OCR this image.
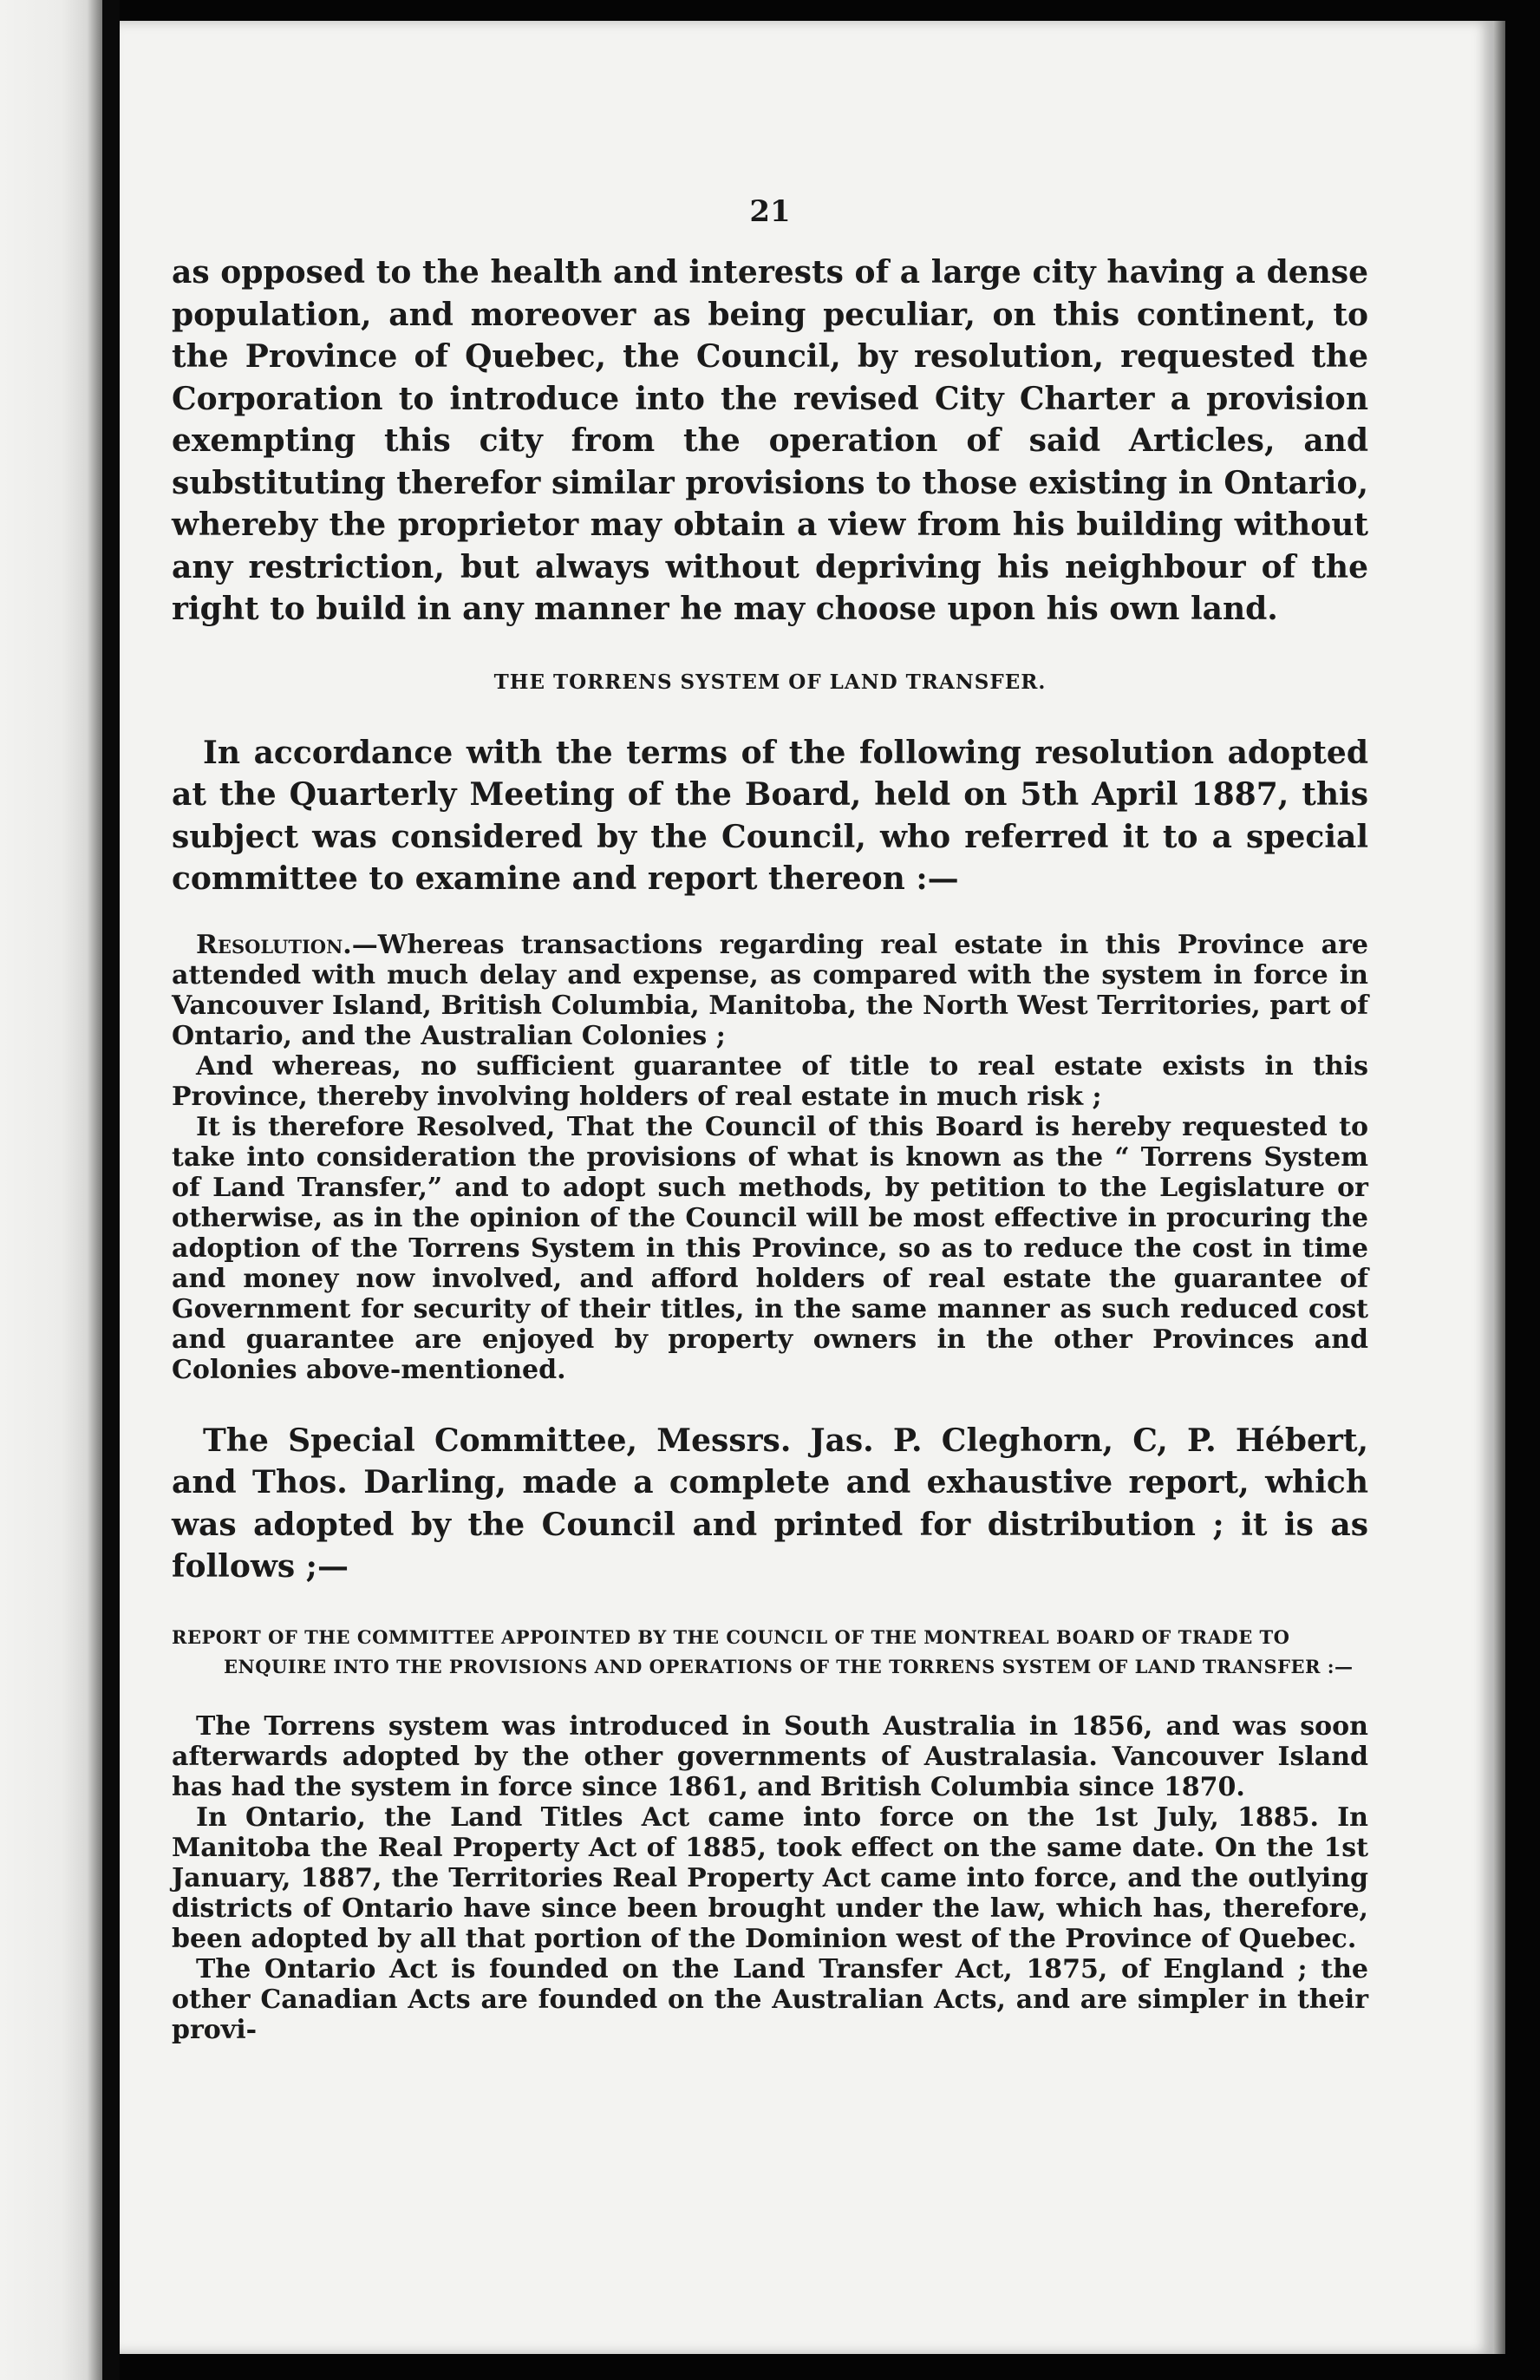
21

as opposed to the health and interests of a large city having a dense population, and moreover as being peculiar, on this continent, to the Province of Quebec, the Council, by resolution, requested the Corporation to introduce into the revised City Charter a provision exempting this city from the operation of said Articles, and substituting therefor similar provisions to those existing in Ontario, whereby the proprietor may obtain a view from his building without any restriction, but always without depriving his neighbour of the right to build in any manner he may choose upon his own land.

THE TORRENS SYSTEM OF LAND TRANSFER.

In accordance with the terms of the following resolution adopted at the Quarterly Meeting of the Board, held on 5th April 1887, this subject was considered by the Council, who referred it to a special committee to examine and report thereon :—

Resolution.—Whereas transactions regarding real estate in this Province are attended with much delay and expense, as compared with the system in force in Vancouver Island, British Columbia, Manitoba, the North West Territories, part of Ontario, and the Australian Colonies ;

And whereas, no sufficient guarantee of title to real estate exists in this Province, thereby involving holders of real estate in much risk ;

It is therefore Resolved, That the Council of this Board is hereby requested to take into consideration the provisions of what is known as the “ Torrens System of Land Transfer,” and to adopt such methods, by petition to the Legislature or otherwise, as in the opinion of the Council will be most effective in procuring the adoption of the Torrens System in this Province, so as to reduce the cost in time and money now involved, and afford holders of real estate the guarantee of Government for security of their titles, in the same manner as such reduced cost and guarantee are enjoyed by property owners in the other Provinces and Colonies above-mentioned.

The Special Committee, Messrs. Jas. P. Cleghorn, C, P. Hébert, and Thos. Darling, made a complete and exhaustive report, which was adopted by the Council and printed for distribution ; it is as follows ;—

REPORT OF THE COMMITTEE APPOINTED BY THE COUNCIL OF THE MONTREAL BOARD OF TRADE TO ENQUIRE INTO THE PROVISIONS AND OPERATIONS OF THE TORRENS SYSTEM OF LAND TRANSFER :—

The Torrens system was introduced in South Australia in 1856, and was soon afterwards adopted by the other governments of Australasia. Vancouver Island has had the system in force since 1861, and British Columbia since 1870.

In Ontario, the Land Titles Act came into force on the 1st July, 1885. In Manitoba the Real Property Act of 1885, took effect on the same date. On the 1st January, 1887, the Territories Real Property Act came into force, and the outlying districts of Ontario have since been brought under the law, which has, therefore, been adopted by all that portion of the Dominion west of the Province of Quebec.

The Ontario Act is founded on the Land Transfer Act, 1875, of England ; the other Canadian Acts are founded on the Australian Acts, and are simpler in their provi-
